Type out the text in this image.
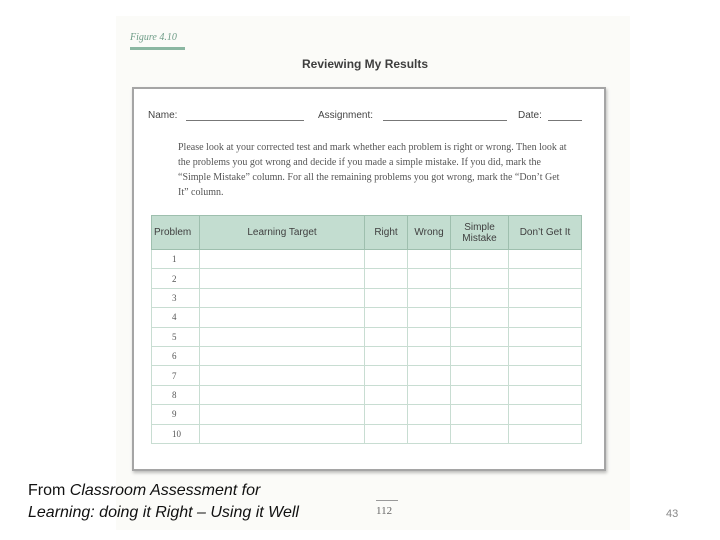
Figure 4.10
Reviewing My Results
Name:	Assignment:	Date:
Please look at your corrected test and mark whether each problem is right or wrong. Then look at the problems you got wrong and decide if you made a simple mistake. If you did, mark the “Simple Mistake” column. For all the remaining problems you got wrong, mark the “Don’t Get It” column.
Problem	Learning Target	Right	Wrong	Simple Mistake	Don’t Get It
1					
2					
3					
4					
5					
6					
7					
8					
9					
10					
From Classroom Assessment for
Learning: doing it Right – Using it Well	112	43
